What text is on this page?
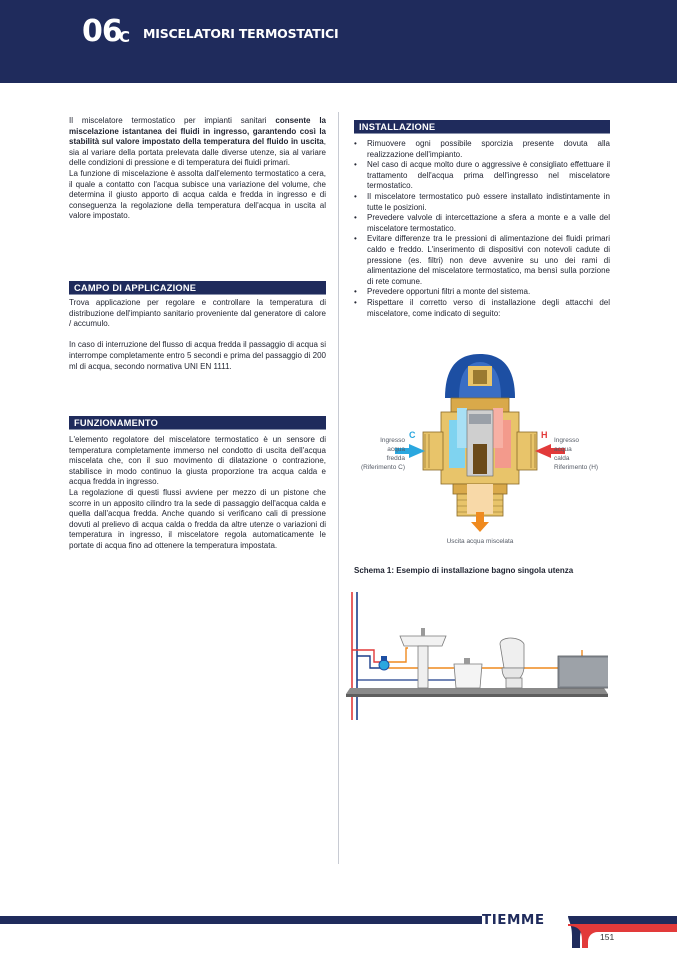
06
C MISCELATORI TERMOSTATICI

Il miscelatore termostatico per impianti sanitari consente la miscelazione istantanea dei fluidi in ingresso, garantendo così la stabilità sul valore impostato della temperatura del fluido in uscita, sia al variare della portata prelevata dalle diverse utenze, sia al variare delle condizioni di pressione e di temperatura dei fluidi primari.

La funzione di miscelazione è assolta dall'elemento termostatico a cera, il quale a contatto con l'acqua subisce una variazione del volume, che determina il giusto apporto di acqua calda e fredda in ingresso e di conseguenza la regolazione della temperatura dell'acqua in uscita al valore impostato.

CAMPO DI APPLICAZIONE

Trova applicazione per regolare e controllare la temperatura di distribuzione dell'impianto sanitario proveniente dal generatore di calore / accumulo.

In caso di interruzione del flusso di acqua fredda il passaggio di acqua si interrompe completamente entro 5 secondi e prima del passaggio di 200 ml di acqua, secondo normativa UNI EN 1111.

FUNZIONAMENTO

L'elemento regolatore del miscelatore termostatico è un sensore di temperatura completamente immerso nel condotto di uscita dell'acqua miscelata che, con il suo movimento di dilatazione o contrazione, stabilisce in modo continuo la giusta proporzione tra acqua calda e acqua fredda in ingresso.

La regolazione di questi flussi avviene per mezzo di un pistone che scorre in un apposito cilindro tra la sede di passaggio dell'acqua calda e quella dall'acqua fredda. Anche quando si verificano cali di pressione dovuti al prelievo di acqua calda o fredda da altre utenze o variazioni di temperatura in ingresso, il miscelatore regola automaticamente le portate di acqua fino ad ottenere la temperatura impostata.

INSTALLAZIONE
• Rimuovere ogni possibile sporcizia presente dovuta alla realizzazione dell'impianto.
• Nel caso di acque molto dure o aggressive è consigliato effettuare il trattamento dell'acqua prima dell'ingresso nel miscelatore termostatico.
• Il miscelatore termostatico può essere installato indistintamente in tutte le posizioni.
• Prevedere valvole di intercettazione a sfera a monte e a valle del miscelatore termostatico.
• Evitare differenze tra le pressioni di alimentazione dei fluidi primari caldo e freddo. L'inserimento di dispositivi con notevoli cadute di pressione (es. filtri) non deve avvenire su uno dei rami di alimentazione del miscelatore termostatico, ma bensì sulla porzione di rete comune.
• Prevedere opportuni filtri a monte del sistema.
• Rispettare il corretto verso di installazione degli attacchi del miscelatore, come indicato di seguito:
C	H
Ingresso
acqua
fredda
(Riferimento C)
Ingresso
acqua
calda
Riferimento (H)
Uscita acqua miscelata
Schema 1: Esempio di installazione bagno singola utenza
TIEMME
151
